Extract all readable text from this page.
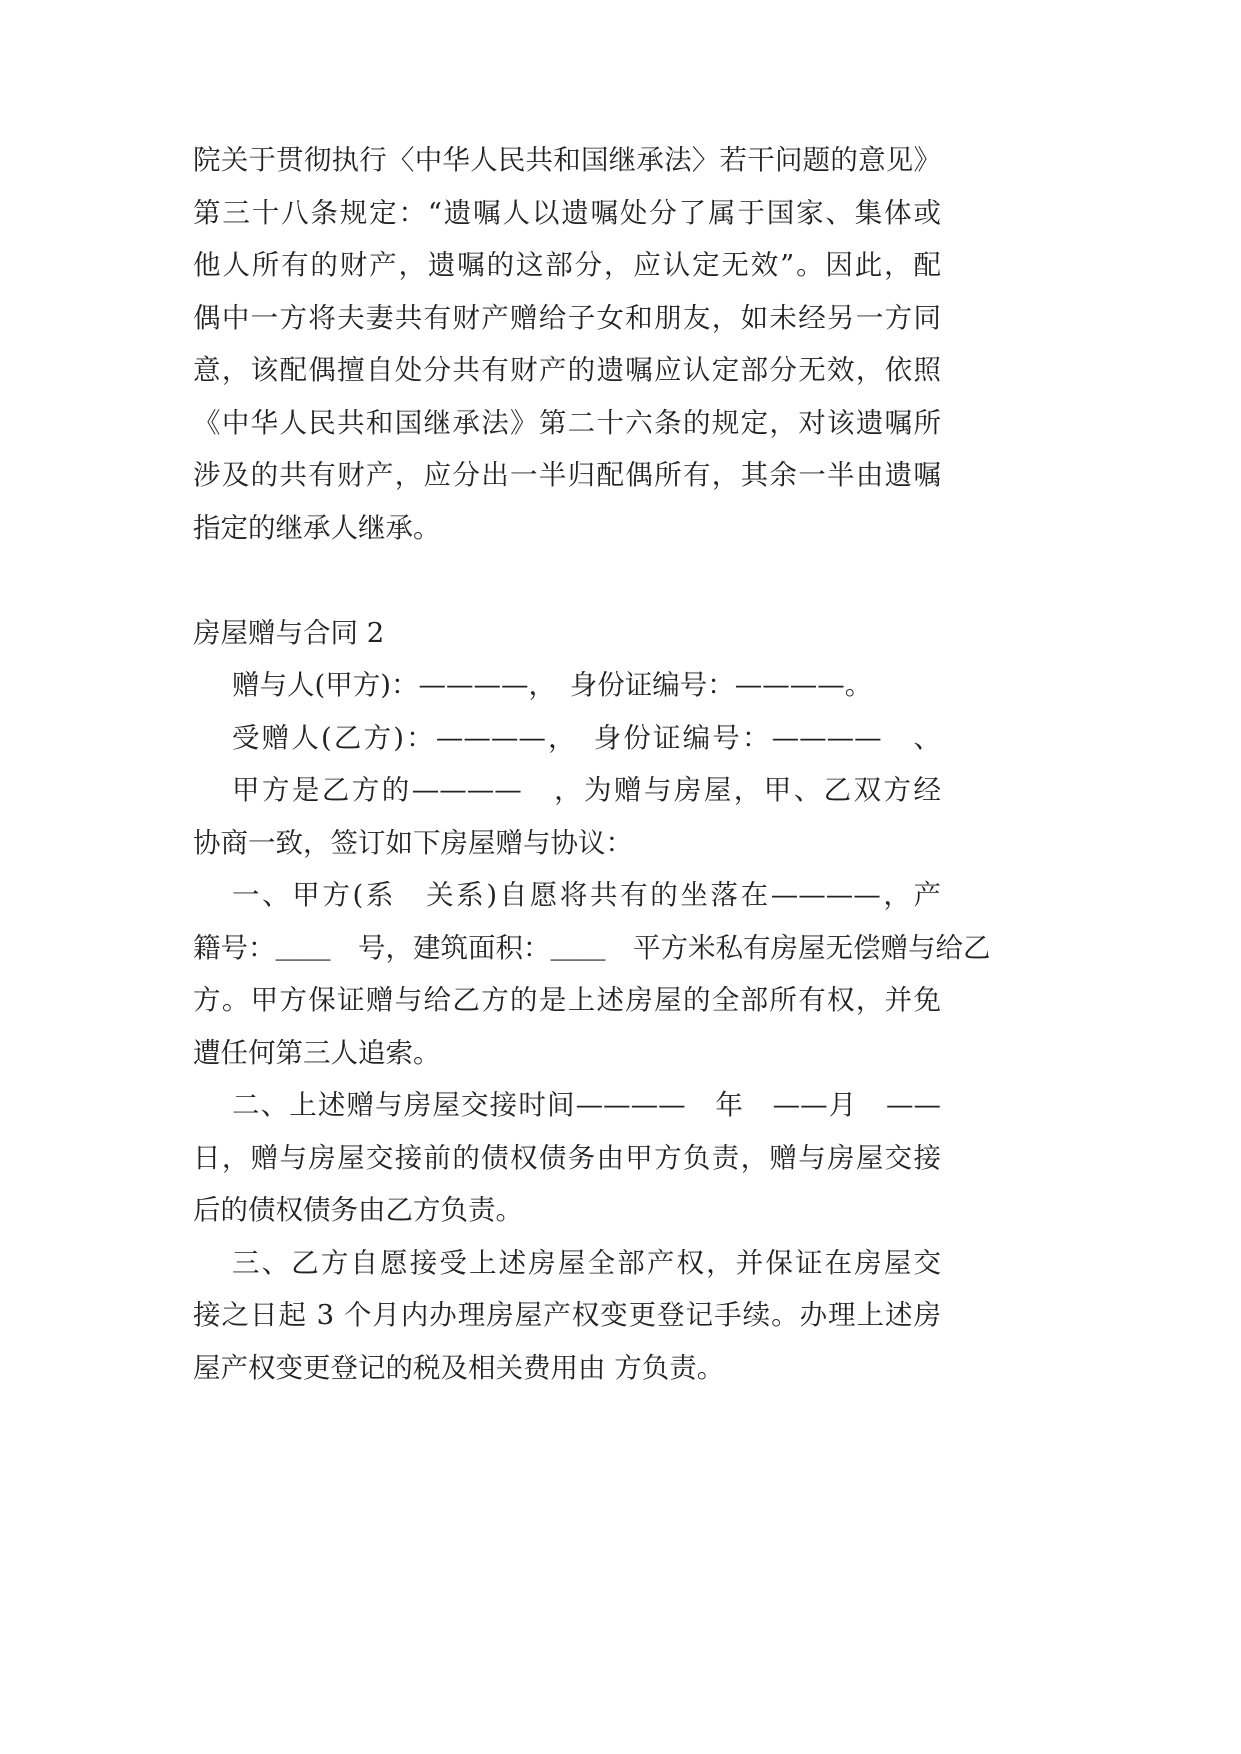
院关于贯彻执行〈中华人民共和国继承法〉若干问题的意见》
第三十八条规定：“遗嘱人以遗嘱处分了属于国家、集体或
他人所有的财产，遗嘱的这部分，应认定无效”。因此，配
偶中一方将夫妻共有财产赠给子女和朋友，如未经另一方同
意，该配偶擅自处分共有财产的遗嘱应认定部分无效，依照
《中华人民共和国继承法》第二十六条的规定，对该遗嘱所
涉及的共有财产，应分出一半归配偶所有，其余一半由遗嘱
指定的继承人继承。
房屋赠与合同 2
赠与人(甲方)：————，　身份证编号：————。
受赠人(乙方)：————，　身份证编号：————　、
甲方是乙方的————　，为赠与房屋，甲、乙双方经
协商一致，签订如下房屋赠与协议：
一、甲方(系　关系)自愿将共有的坐落在————，产
籍号：＿＿　号，建筑面积：＿＿　平方米私有房屋无偿赠与给乙
方。甲方保证赠与给乙方的是上述房屋的全部所有权，并免
遭任何第三人追索。
二、上述赠与房屋交接时间————　年　——月　——
日，赠与房屋交接前的债权债务由甲方负责，赠与房屋交接
后的债权债务由乙方负责。
三、乙方自愿接受上述房屋全部产权，并保证在房屋交
接之日起 3 个月内办理房屋产权变更登记手续。办理上述房
屋产权变更登记的税及相关费用由 方负责。
